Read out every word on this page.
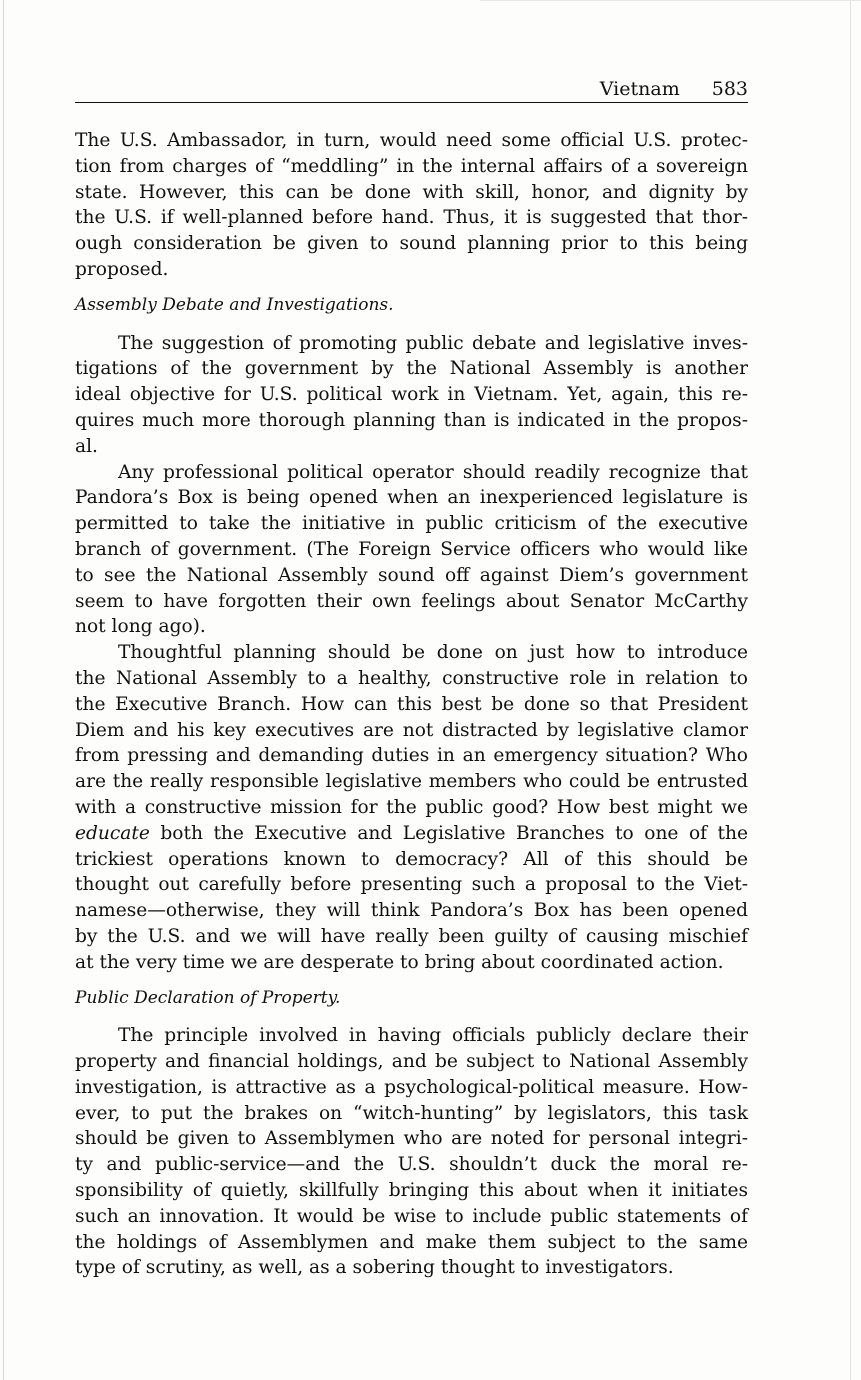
Vietnam 583

The U.S. Ambassador, in turn, would need some official U.S. protec-
tion from charges of “meddling” in the internal affairs of a sovereign
state. However, this can be done with skill, honor, and dignity by
the U.S. if well-planned before hand. Thus, it is suggested that thor-
ough consideration be given to sound planning prior to this being
proposed.

Assembly Debate and Investigations.

The suggestion of promoting public debate and legislative inves-
tigations of the government by the National Assembly is another
ideal objective for U.S. political work in Vietnam. Yet, again, this re-
quires much more thorough planning than is indicated in the propos-
al.

Any professional political operator should readily recognize that
Pandora’s Box is being opened when an inexperienced legislature is
permitted to take the initiative in public criticism of the executive
branch of government. (The Foreign Service officers who would like
to see the National Assembly sound off against Diem’s government
seem to have forgotten their own feelings about Senator McCarthy
not long ago).

Thoughtful planning should be done on just how to introduce
the National Assembly to a healthy, constructive role in relation to
the Executive Branch. How can this best be done so that President
Diem and his key executives are not distracted by legislative clamor
from pressing and demanding duties in an emergency situation? Who
are the really responsible legislative members who could be entrusted
with a constructive mission for the public good? How best might we
educate both the Executive and Legislative Branches to one of the
trickiest operations known to democracy? All of this should be
thought out carefully before presenting such a proposal to the Viet-
namese—otherwise, they will think Pandora’s Box has been opened
by the U.S. and we will have really been guilty of causing mischief
at the very time we are desperate to bring about coordinated action.

Public Declaration of Property.

The principle involved in having officials publicly declare their
property and financial holdings, and be subject to National Assembly
investigation, is attractive as a psychological-political measure. How-
ever, to put the brakes on “witch-hunting” by legislators, this task
should be given to Assemblymen who are noted for personal integri-
ty and public-service—and the U.S. shouldn’t duck the moral re-
sponsibility of quietly, skillfully bringing this about when it initiates
such an innovation. It would be wise to include public statements of
the holdings of Assemblymen and make them subject to the same
type of scrutiny, as well, as a sobering thought to investigators.
